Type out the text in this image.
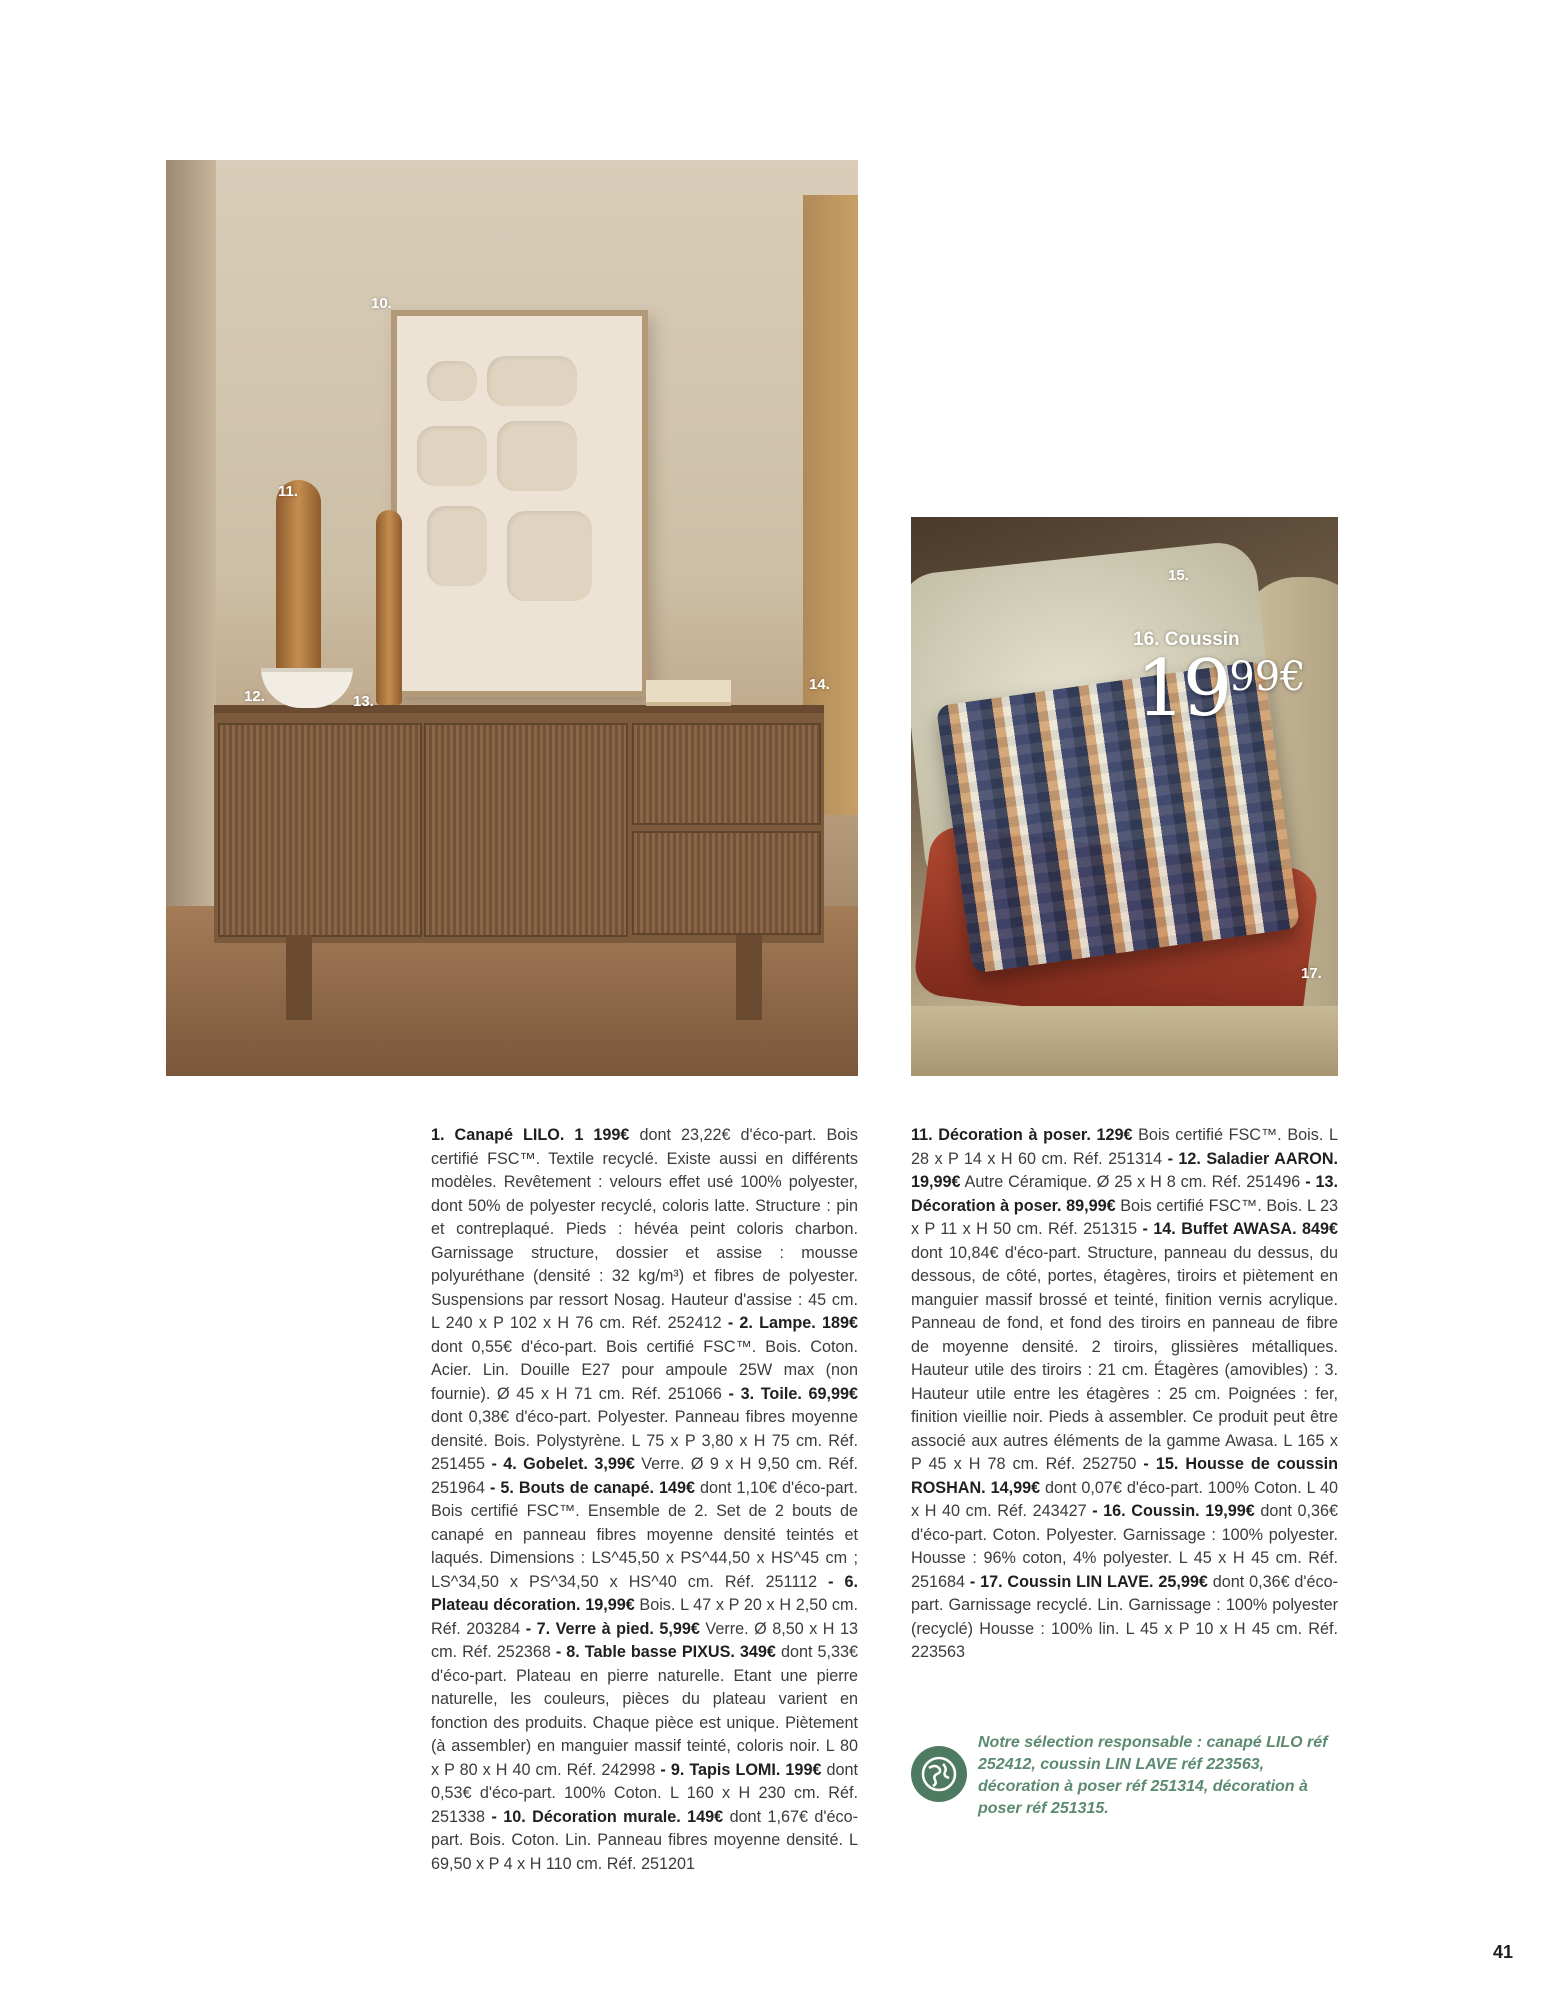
10.
11.
12.	13.
14.
15.
17.
16. Coussin
1999€
1. Canapé LILO. 1 199€ dont 23,22€ d'éco-part. Bois certifié FSC™. Textile recyclé. Existe aussi en différents modèles. Revêtement : velours effet usé 100% polyester, dont 50% de polyester recyclé, coloris latte. Structure : pin et contreplaqué. Pieds : hévéa peint coloris charbon. Garnissage structure, dossier et assise : mousse polyuréthane (densité : 32 kg/m³) et fibres de polyester. Suspensions par ressort Nosag. Hauteur d'assise : 45 cm. L 240 x P 102 x H 76 cm. Réf. 252412 - 2. Lampe. 189€ dont 0,55€ d'éco-part. Bois certifié FSC™. Bois. Coton. Acier. Lin. Douille E27 pour ampoule 25W max (non fournie). Ø 45 x H 71 cm. Réf. 251066 - 3. Toile. 69,99€ dont 0,38€ d'éco-part. Polyester. Panneau fibres moyenne densité. Bois. Polystyrène. L 75 x P 3,80 x H 75 cm. Réf. 251455 - 4. Gobelet. 3,99€ Verre. Ø 9 x H 9,50 cm. Réf. 251964 - 5. Bouts de canapé. 149€ dont 1,10€ d'éco-part. Bois certifié FSC™. Ensemble de 2. Set de 2 bouts de canapé en panneau fibres moyenne densité teintés et laqués. Dimensions : LS^45,50 x PS^44,50 x HS^45 cm ; LS^34,50 x PS^34,50 x HS^40 cm. Réf. 251112 - 6. Plateau décoration. 19,99€ Bois. L 47 x P 20 x H 2,50 cm. Réf. 203284 - 7. Verre à pied. 5,99€ Verre. Ø 8,50 x H 13 cm. Réf. 252368 - 8. Table basse PIXUS. 349€ dont 5,33€ d'éco-part. Plateau en pierre naturelle. Etant une pierre naturelle, les couleurs, pièces du plateau varient en fonction des produits. Chaque pièce est unique. Piètement (à assembler) en manguier massif teinté, coloris noir. L 80 x P 80 x H 40 cm. Réf. 242998 - 9. Tapis LOMI. 199€ dont 0,53€ d'éco-part. 100% Coton. L 160 x H 230 cm. Réf. 251338 - 10. Décoration murale. 149€ dont 1,67€ d'éco-part. Bois. Coton. Lin. Panneau fibres moyenne densité. L 69,50 x P 4 x H 110 cm. Réf. 251201
11. Décoration à poser. 129€ Bois certifié FSC™. Bois. L 28 x P 14 x H 60 cm. Réf. 251314 - 12. Saladier AARON. 19,99€ Autre Céramique. Ø 25 x H 8 cm. Réf. 251496 - 13. Décoration à poser. 89,99€ Bois certifié FSC™. Bois. L 23 x P 11 x H 50 cm. Réf. 251315 - 14. Buffet AWASA. 849€ dont 10,84€ d'éco-part. Structure, panneau du dessus, du dessous, de côté, portes, étagères, tiroirs et piètement en manguier massif brossé et teinté, finition vernis acrylique. Panneau de fond, et fond des tiroirs en panneau de fibre de moyenne densité. 2 tiroirs, glissières métalliques. Hauteur utile des tiroirs : 21 cm. Étagères (amovibles) : 3. Hauteur utile entre les étagères : 25 cm. Poignées : fer, finition vieillie noir. Pieds à assembler. Ce produit peut être associé aux autres éléments de la gamme Awasa. L 165 x P 45 x H 78 cm. Réf. 252750 - 15. Housse de coussin ROSHAN. 14,99€ dont 0,07€ d'éco-part. 100% Coton. L 40 x H 40 cm. Réf. 243427 - 16. Coussin. 19,99€ dont 0,36€ d'éco-part. Coton. Polyester. Garnissage : 100% polyester. Housse : 96% coton, 4% polyester. L 45 x H 45 cm. Réf. 251684 - 17. Coussin LIN LAVE. 25,99€ dont 0,36€ d'éco-part. Garnissage recyclé. Lin. Garnissage : 100% polyester (recyclé) Housse : 100% lin. L 45 x P 10 x H 45 cm. Réf. 223563
Notre sélection responsable : canapé LILO réf 252412, coussin LIN LAVE réf 223563, décoration à poser réf 251314, décoration à poser réf 251315.
41
